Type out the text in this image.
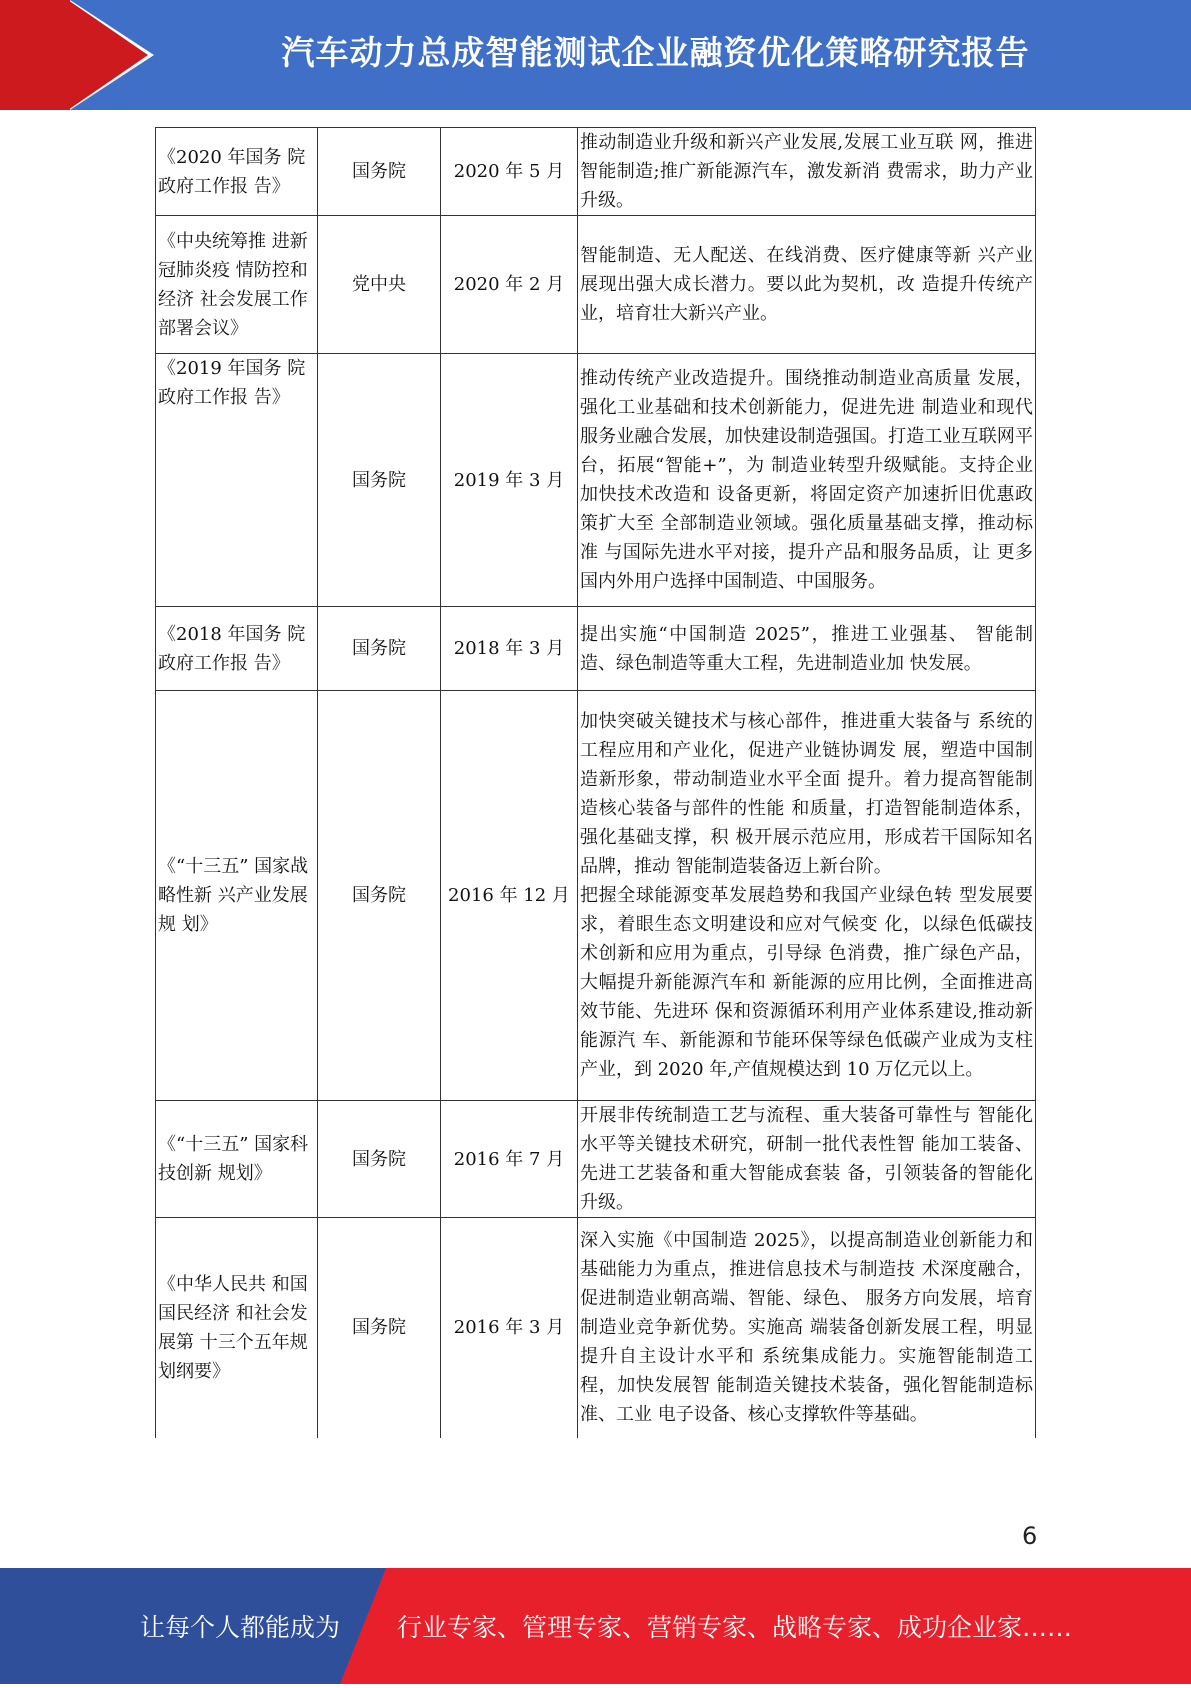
汽车动力总成智能测试企业融资优化策略研究报告
《2020 年国务 院政府工作报 告》	国务院	2020 年 5 月	推动制造业升级和新兴产业发展,发展工业互联 网，推进智能制造;推广新能源汽车，激发新消 费需求，助力产业升级。

《中央统筹推 进新冠肺炎疫 情防控和经济 社会发展工作 部署会议》	党中央	2020 年 2 月	智能制造、无人配送、在线消费、医疗健康等新 兴产业展现出强大成长潜力。要以此为契机，改 造提升传统产业，培育壮大新兴产业。

《2019 年国务 院政府工作报 告》	国务院	2019 年 3 月	推动传统产业改造提升。围绕推动制造业高质量 发展，强化工业基础和技术创新能力，促进先进 制造业和现代服务业融合发展，加快建设制造强国。打造工业互联网平台，拓展“智能+”，为 制造业转型升级赋能。支持企业加快技术改造和 设备更新，将固定资产加速折旧优惠政策扩大至 全部制造业领域。强化质量基础支撑，推动标准 与国际先进水平对接，提升产品和服务品质，让 更多国内外用户选择中国制造、中国服务。

《2018 年国务 院政府工作报 告》	国务院	2018 年 3 月	提出实施“中国制造 2025”，推进工业强基、 智能制造、绿色制造等重大工程，先进制造业加 快发展。

《“十三五” 国家战略性新 兴产业发展规 划》	国务院	2016 年 12 月	加快突破关键技术与核心部件，推进重大装备与 系统的工程应用和产业化，促进产业链协调发 展，塑造中国制造新形象，带动制造业水平全面 提升。着力提高智能制造核心装备与部件的性能 和质量，打造智能制造体系，强化基础支撑，积 极开展示范应用，形成若干国际知名品牌，推动 智能制造装备迈上新台阶。
把握全球能源变革发展趋势和我国产业绿色转 型发展要求，着眼生态文明建设和应对气候变 化，以绿色低碳技术创新和应用为重点，引导绿 色消费，推广绿色产品，大幅提升新能源汽车和 新能源的应用比例，全面推进高效节能、先进环 保和资源循环利用产业体系建设,推动新能源汽 车、新能源和节能环保等绿色低碳产业成为支柱 产业，到 2020 年,产值规模达到 10 万亿元以上。

《“十三五” 国家科技创新 规划》	国务院	2016 年 7 月	开展非传统制造工艺与流程、重大装备可靠性与 智能化水平等关键技术研究，研制一批代表性智 能加工装备、先进工艺装备和重大智能成套装 备，引领装备的智能化升级。

《中华人民共 和国国民经济 和社会发展第 十三个五年规 划纲要》	国务院	2016 年 3 月	深入实施《中国制造 2025》，以提高制造业创新能力和基础能力为重点，推进信息技术与制造技 术深度融合，促进制造业朝高端、智能、绿色、 服务方向发展，培育制造业竞争新优势。实施高 端装备创新发展工程，明显提升自主设计水平和 系统集成能力。实施智能制造工程，加快发展智 能制造关键技术装备，强化智能制造标准、工业 电子设备、核心支撑软件等基础。
6
让每个人都能成为 行业专家、管理专家、营销专家、战略专家、成功企业家……
